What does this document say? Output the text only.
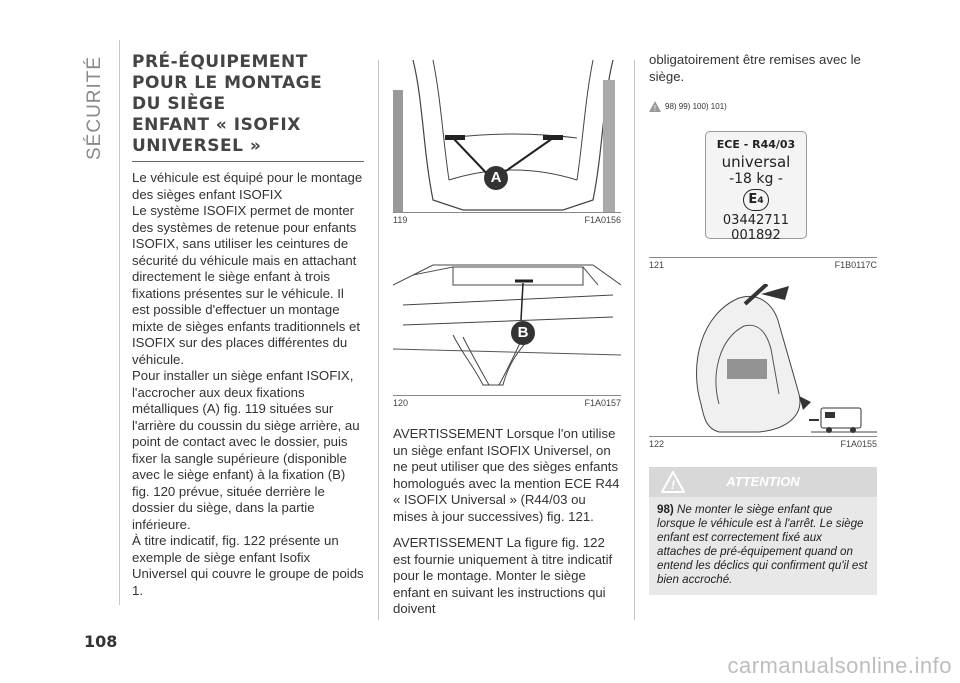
SÉCURITÉ PRÉ-ÉQUIPEMENT
POUR LE MONTAGE
DU SIÈGE
ENFANT « ISOFIX
UNIVERSEL »
Le véhicule est équipé pour le montage des sièges enfant ISOFIX
Le système ISOFIX permet de monter des systèmes de retenue pour enfants ISOFIX, sans utiliser les ceintures de sécurité du véhicule mais en attachant directement le siège enfant à trois fixations présentes sur le véhicule. Il est possible d'effectuer un montage mixte de sièges enfants traditionnels et ISOFIX sur des places différentes du véhicule.
Pour installer un siège enfant ISOFIX, l'accrocher aux deux fixations métalliques (A) fig. 119 situées sur l'arrière du coussin du siège arrière, au point de contact avec le dossier, puis fixer la sangle supérieure (disponible avec le siège enfant) à la fixation (B) fig. 120 prévue, située derrière le dossier du siège, dans la partie inférieure.
À titre indicatif, fig. 122 présente un exemple de siège enfant Isofix Universel qui couvre le groupe de poids 1.
A
119	F1A0156
B
120	F1A0157
AVERTISSEMENT Lorsque l'on utilise un siège enfant ISOFIX Universel, on ne peut utiliser que des sièges enfants homologués avec la mention ECE R44 « ISOFIX Universal » (R44/03 ou mises à jour successives) fig. 121.
AVERTISSEMENT La figure fig. 122 est fournie uniquement à titre indicatif pour le montage. Monter le siège enfant en suivant les instructions qui doivent
obligatoirement être remises avec le siège.
! 98) 99) 100) 101)
ECE - R44/03
universal
-18 kg -
E4
03442711
001892
121	F1B0117C
122	F1A0155
!	ATTENTION
98) Ne monter le siège enfant que lorsque le véhicule est à l'arrêt. Le siège enfant est correctement fixé aux attaches de pré-équipement quand on entend les déclics qui confirment qu'il est bien accroché.
108
carmanualsonline.info
